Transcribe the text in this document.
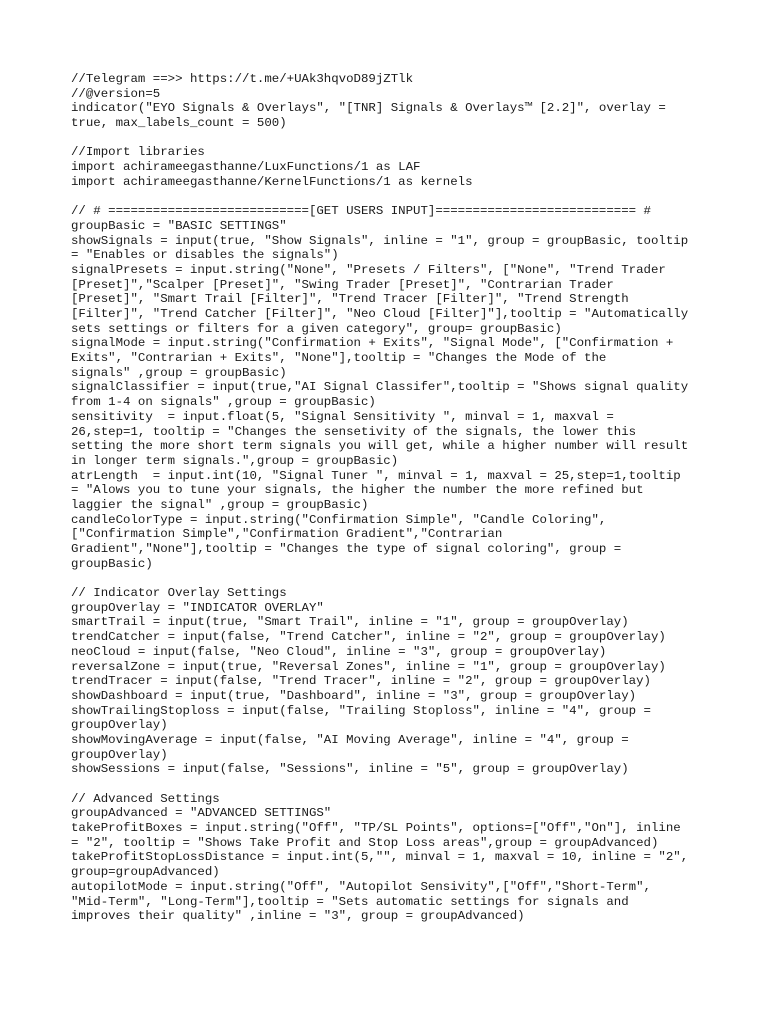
//Telegram ==>> https://t.me/+UAk3hqvoD89jZTlk
//@version=5
indicator("EYO Signals & Overlays", "[TNR] Signals & Overlays™ [2.2]", overlay =
true, max_labels_count = 500)
//Import libraries
import achirameegasthanne/LuxFunctions/1 as LAF
import achirameegasthanne/KernelFunctions/1 as kernels
// # ===========================[GET USERS INPUT]=========================== #
groupBasic = "BASIC SETTINGS"
showSignals = input(true, "Show Signals", inline = "1", group = groupBasic, tooltip
= "Enables or disables the signals")
signalPresets = input.string("None", "Presets / Filters", ["None", "Trend Trader
[Preset]","Scalper [Preset]", "Swing Trader [Preset]", "Contrarian Trader
[Preset]", "Smart Trail [Filter]", "Trend Tracer [Filter]", "Trend Strength
[Filter]", "Trend Catcher [Filter]", "Neo Cloud [Filter]"],tooltip = "Automatically
sets settings or filters for a given category", group= groupBasic)
signalMode = input.string("Confirmation + Exits", "Signal Mode", ["Confirmation +
Exits", "Contrarian + Exits", "None"],tooltip = "Changes the Mode of the
signals" ,group = groupBasic)
signalClassifier = input(true,"AI Signal Classifer",tooltip = "Shows signal quality
from 1-4 on signals" ,group = groupBasic)
sensitivity  = input.float(5, "Signal Sensitivity ", minval = 1, maxval =
26,step=1, tooltip = "Changes the sensetivity of the signals, the lower this
setting the more short term signals you will get, while a higher number will result
in longer term signals.",group = groupBasic)
atrLength  = input.int(10, "Signal Tuner ", minval = 1, maxval = 25,step=1,tooltip
= "Alows you to tune your signals, the higher the number the more refined but
laggier the signal" ,group = groupBasic)
candleColorType = input.string("Confirmation Simple", "Candle Coloring",
["Confirmation Simple","Confirmation Gradient","Contrarian
Gradient","None"],tooltip = "Changes the type of signal coloring", group =
groupBasic)
// Indicator Overlay Settings
groupOverlay = "INDICATOR OVERLAY"
smartTrail = input(true, "Smart Trail", inline = "1", group = groupOverlay)
trendCatcher = input(false, "Trend Catcher", inline = "2", group = groupOverlay)
neoCloud = input(false, "Neo Cloud", inline = "3", group = groupOverlay)
reversalZone = input(true, "Reversal Zones", inline = "1", group = groupOverlay)
trendTracer = input(false, "Trend Tracer", inline = "2", group = groupOverlay)
showDashboard = input(true, "Dashboard", inline = "3", group = groupOverlay)
showTrailingStoploss = input(false, "Trailing Stoploss", inline = "4", group =
groupOverlay)
showMovingAverage = input(false, "AI Moving Average", inline = "4", group =
groupOverlay)
showSessions = input(false, "Sessions", inline = "5", group = groupOverlay)
// Advanced Settings
groupAdvanced = "ADVANCED SETTINGS"
takeProfitBoxes = input.string("Off", "TP/SL Points", options=["Off","On"], inline
= "2", tooltip = "Shows Take Profit and Stop Loss areas",group = groupAdvanced)
takeProfitStopLossDistance = input.int(5,"", minval = 1, maxval = 10, inline = "2",
group=groupAdvanced)
autopilotMode = input.string("Off", "Autopilot Sensivity",["Off","Short-Term",
"Mid-Term", "Long-Term"],tooltip = "Sets automatic settings for signals and
improves their quality" ,inline = "3", group = groupAdvanced)
